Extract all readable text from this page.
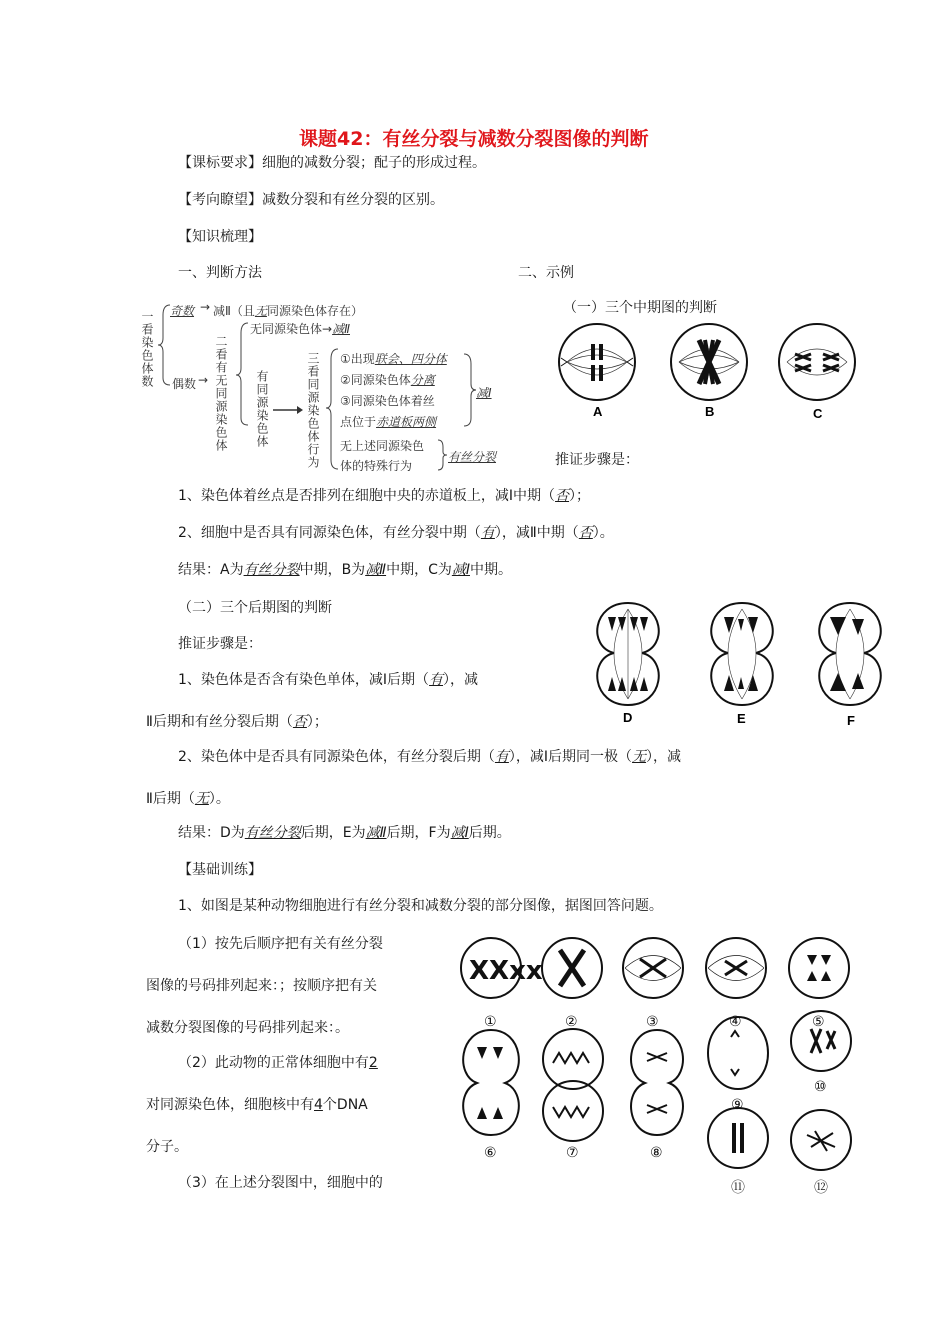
课题42：有丝分裂与减数分裂图像的判断
【课标要求】细胞的减数分裂；配子的形成过程。
【考向瞭望】减数分裂和有丝分裂的区别。
【知识梳理】
一、判断方法	二、示例
一看染色体数 奇数 → 减Ⅱ（且无同源染色体存在）
偶数 → 二看有无同源染色体
无同源染色体→减Ⅱ
有同源染色体	三看同源染色体行为 ①出现联会、四分体
②同源染色体分离
③同源染色体着丝
点位于赤道板两侧
减Ⅰ
无上述同源染色
体的特殊行为
有丝分裂
（一）三个中期图的判断
A	B	C
推证步骤是：
1、染色体着丝点是否排列在细胞中央的赤道板上，减Ⅰ中期（否）；
2、细胞中是否具有同源染色体，有丝分裂中期（有），减Ⅱ中期（否）。
结果：A为有丝分裂中期，B为减Ⅱ中期，C为减Ⅰ中期。
（二）三个后期图的判断
推证步骤是：
D	E	F
1、染色体是否含有染色单体，减Ⅰ后期（有），减
Ⅱ后期和有丝分裂后期（否）；
2、染色体中是否具有同源染色体，有丝分裂后期（有），减Ⅰ后期同一极（无），减
Ⅱ后期（无）。
结果：D为有丝分裂后期，E为减Ⅱ后期，F为减Ⅰ后期。
【基础训练】
1、如图是某种动物细胞进行有丝分裂和减数分裂的部分图像，据图回答问题。
（1）按先后顺序把有关有丝分裂
图像的号码排列起来：；按顺序把有关
减数分裂图像的号码排列起来：。
（2）此动物的正常体细胞中有2
对同源染色体，细胞核中有4个DNA
分子。
（3）在上述分裂图中，细胞中的
XXxx
①	②	③	④	⑤
⑥	⑦	⑧
⑨
⑩
⑪	⑫
